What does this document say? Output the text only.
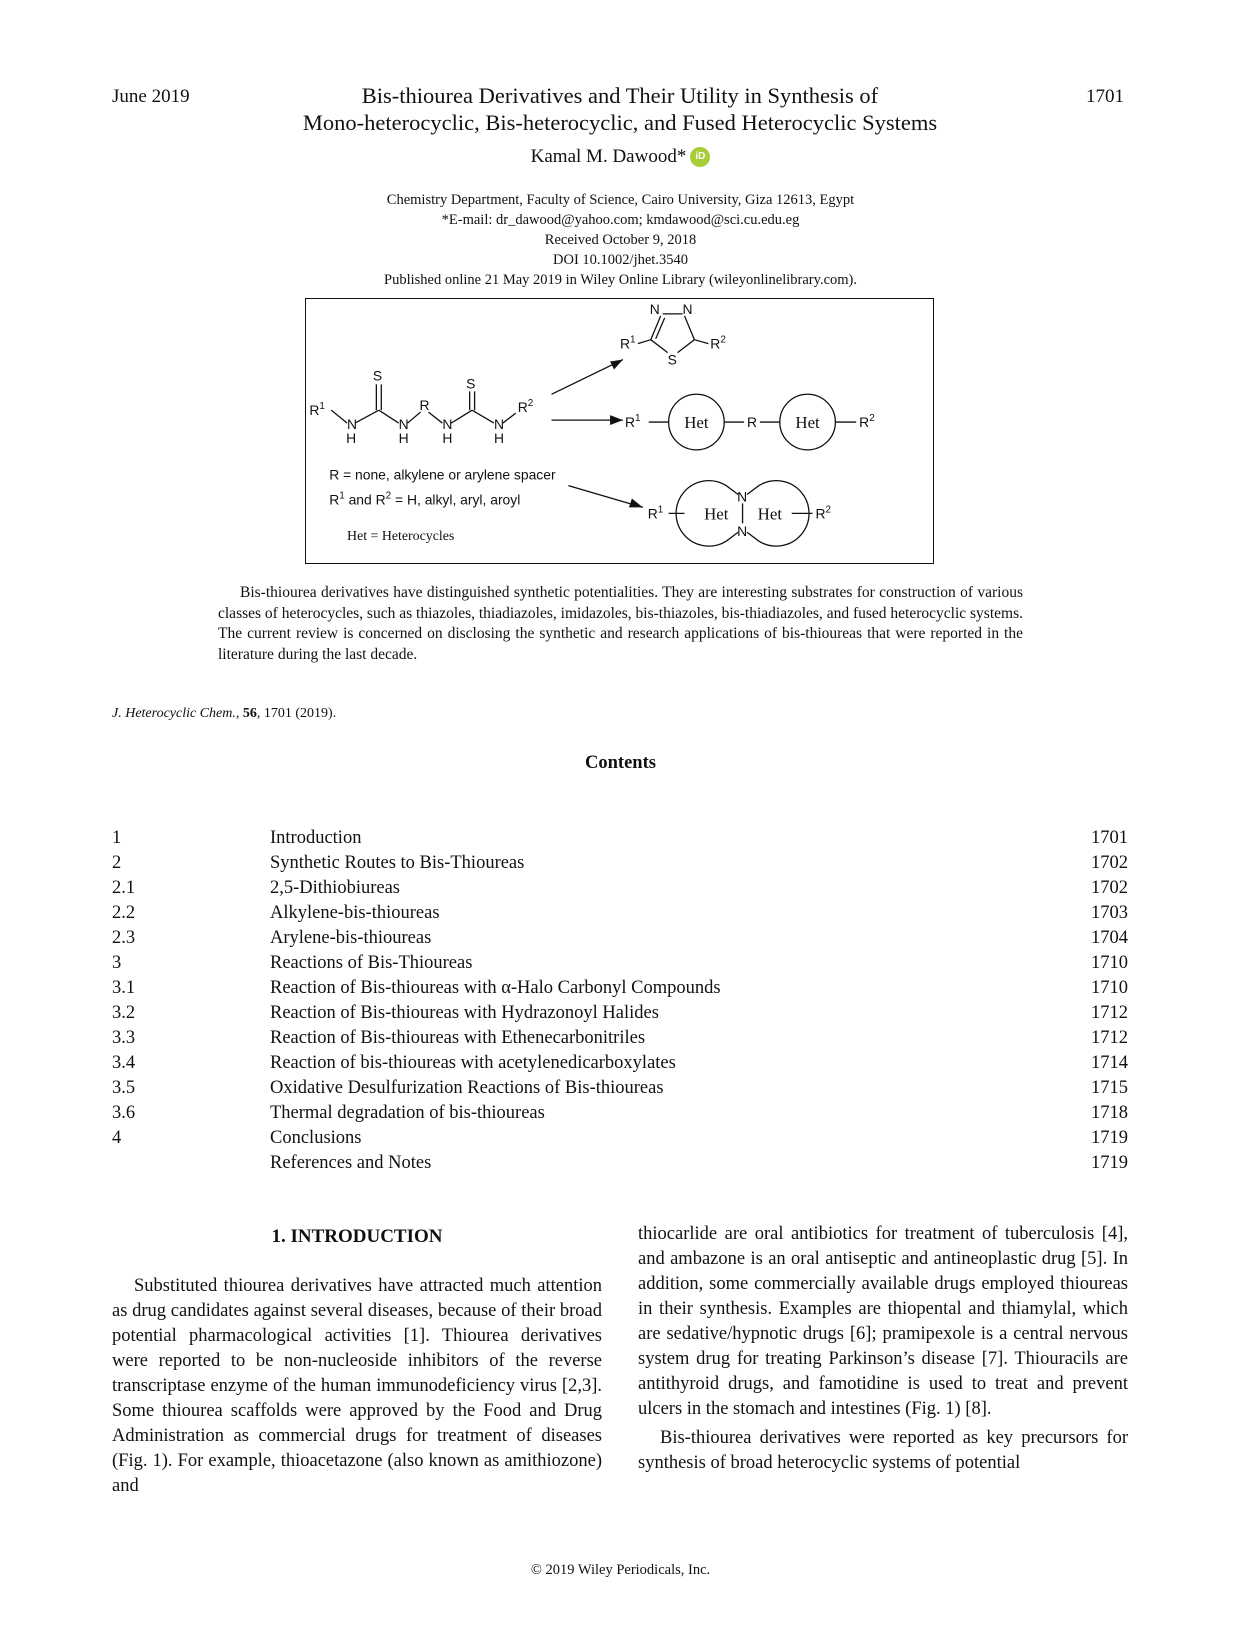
June 2019	1701
Bis-thiourea Derivatives and Their Utility in Synthesis of
Mono-heterocyclic, Bis-heterocyclic, and Fused Heterocyclic Systems
Kamal M. Dawood* iD
Chemistry Department, Faculty of Science, Cairo University, Giza 12613, Egypt
*E-mail: dr_dawood@yahoo.com; kmdawood@sci.cu.edu.eg
Received October 9, 2018
DOI 10.1002/jhet.3540
Published online 21 May 2019 in Wiley Online Library (wileyonlinelibrary.com).
$R^1$
N
H
S
N
H
R
N
H
S
N
H
$R^2$
N N
S
$R^1$	$R^2$
$R^1$	R	$R^2$
$R^1$
N
N
$R^2$
R = none, alkylene or arylene spacer
$R^1$ and $R^2 = H$, alkyl, aryl, aroyl
Het	Het
Het Het
Het = Heterocycles
Bis-thiourea derivatives have distinguished synthetic potentialities. They are interesting substrates for construction of various classes of heterocycles, such as thiazoles, thiadiazoles, imidazoles, bis-thiazoles, bis-thiadiazoles, and fused heterocyclic systems. The current review is concerned on disclosing the synthetic and research applications of bis-thioureas that were reported in the literature during the last decade.
J. Heterocyclic Chem., 56, 1701 (2019).
Contents
1	Introduction	1701
2	Synthetic Routes to Bis-Thioureas	1702
2.1	2,5-Dithiobiureas	1702
2.2	Alkylene-bis-thioureas	1703
2.3	Arylene-bis-thioureas	1704
3	Reactions of Bis-Thioureas	1710
3.1	Reaction of Bis-thioureas with α-Halo Carbonyl Compounds	1710
3.2	Reaction of Bis-thioureas with Hydrazonoyl Halides	1712
3.3	Reaction of Bis-thioureas with Ethenecarbonitriles	1712
3.4	Reaction of bis-thioureas with acetylenedicarboxylates	1714
3.5	Oxidative Desulfurization Reactions of Bis-thioureas	1715
3.6	Thermal degradation of bis-thioureas	1718
4	Conclusions	1719
References and Notes	1719
1. INTRODUCTION

Substituted thiourea derivatives have attracted much attention as drug candidates against several diseases, because of their broad potential pharmacological activities [1]. Thiourea derivatives were reported to be non-nucleoside inhibitors of the reverse transcriptase enzyme of the human immunodeficiency virus [2,3]. Some thiourea scaffolds were approved by the Food and Drug Administration as commercial drugs for treatment of diseases (Fig. 1). For example, thioacetazone (also known as amithiozone) and

thiocarlide are oral antibiotics for treatment of tuberculosis [4], and ambazone is an oral antiseptic and antineoplastic drug [5]. In addition, some commercially available drugs employed thioureas in their synthesis. Examples are thiopental and thiamylal, which are sedative/hypnotic drugs [6]; pramipexole is a central nervous system drug for treating Parkinson’s disease [7]. Thiouracils are antithyroid drugs, and famotidine is used to treat and prevent ulcers in the stomach and intestines (Fig. 1) [8].

Bis-thiourea derivatives were reported as key precursors for synthesis of broad heterocyclic systems of potential

© 2019 Wiley Periodicals, Inc.
